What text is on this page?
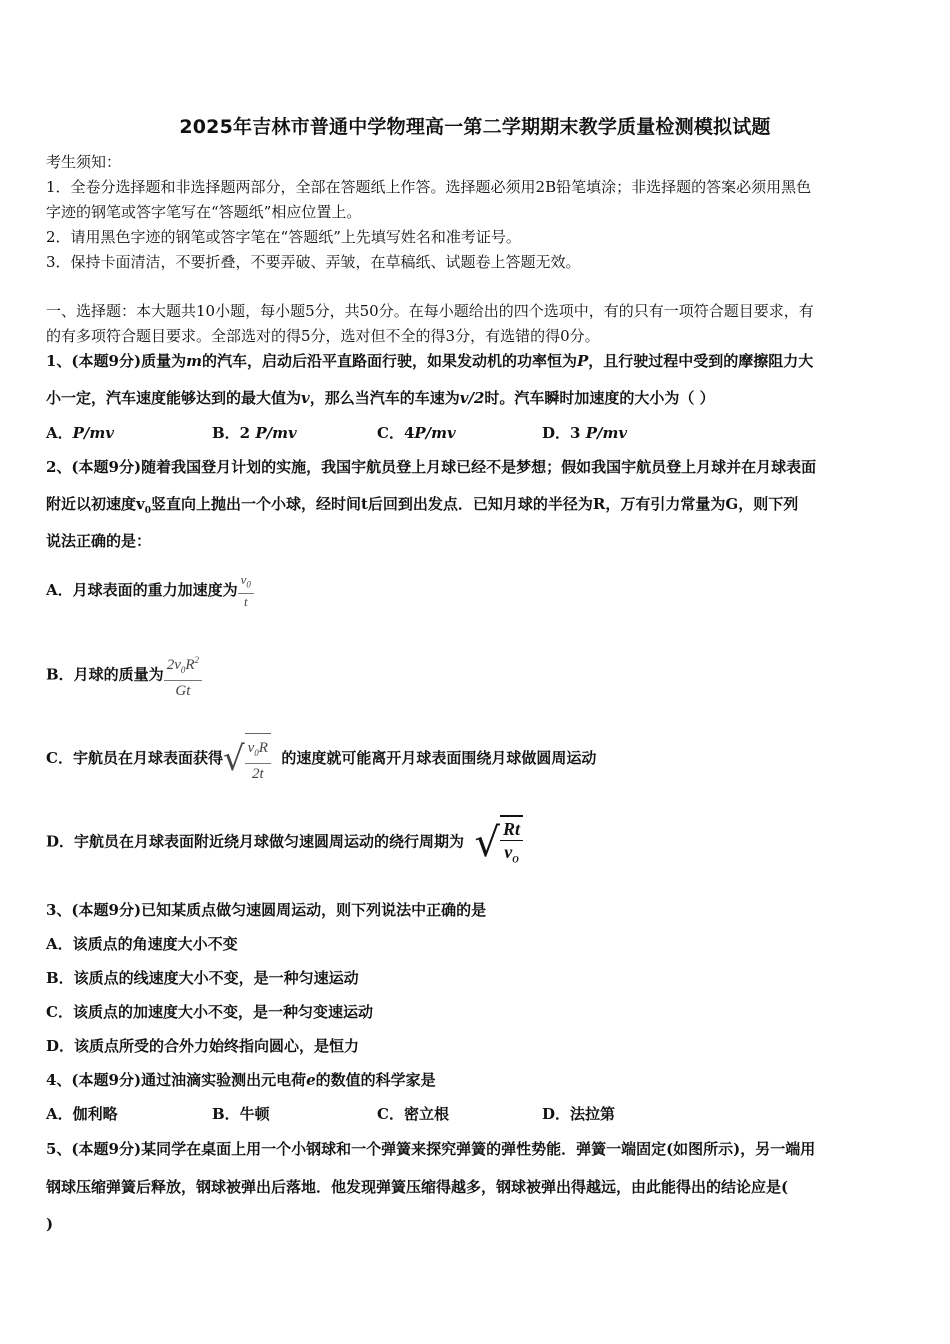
2025年吉林市普通中学物理高一第二学期期末教学质量检测模拟试题
考生须知：
1．全卷分选择题和非选择题两部分，全部在答题纸上作答。选择题必须用2B铅笔填涂；非选择题的答案必须用黑色
字迹的钢笔或答字笔写在“答题纸”相应位置上。
2．请用黑色字迹的钢笔或答字笔在“答题纸”上先填写姓名和准考证号。
3．保持卡面清洁，不要折叠，不要弄破、弄皱，在草稿纸、试题卷上答题无效。
一、选择题：本大题共10小题，每小题5分，共50分。在每小题给出的四个选项中，有的只有一项符合题目要求，有
的有多项符合题目要求。全部选对的得5分，选对但不全的得3分，有选错的得0分。
1、(本题9分)质量为m的汽车，启动后沿平直路面行驶，如果发动机的功率恒为P，且行驶过程中受到的摩擦阻力大
小一定，汽车速度能够达到的最大值为v，那么当汽车的车速为v/2时。汽车瞬时加速度的大小为（ ）
A．P/mv	B．2 P/mv	C．4P/mv	D．3 P/mv
2、(本题9分)随着我国登月计划的实施，我国宇航员登上月球已经不是梦想；假如我国宇航员登上月球并在月球表面
附近以初速度$v_0$竖直向上抛出一个小球，经时间t后回到出发点．已知月球的半径为R，万有引力常量为G，则下列
说法正确的是：
A．月球表面的重力加速度为 $\frac{v_0}{t}$
B．月球的质量为 $\frac{2v_0R^2}{Gt}$
C．宇航员在月球表面获得√ $\frac{v_0R}{2t}$ 的速度就可能离开月球表面围绕月球做圆周运动
D．宇航员在月球表面附近绕月球做匀速圆周运动的绕行周期为 √ $\frac{Rt}{v_O}$
3、(本题9分)已知某质点做匀速圆周运动，则下列说法中正确的是
A．该质点的角速度大小不变
B．该质点的线速度大小不变，是一种匀速运动
C．该质点的加速度大小不变，是一种匀变速运动
D．该质点所受的合外力始终指向圆心，是恒力
4、(本题9分)通过油滴实验测出元电荷e的数值的科学家是
A．伽利略	B．牛顿	C．密立根	D．法拉第
5、(本题9分)某同学在桌面上用一个小钢球和一个弹簧来探究弹簧的弹性势能．弹簧一端固定(如图所示)，另一端用
钢球压缩弹簧后释放，钢球被弹出后落地．他发现弹簧压缩得越多，钢球被弹出得越远，由此能得出的结论应是(
)
